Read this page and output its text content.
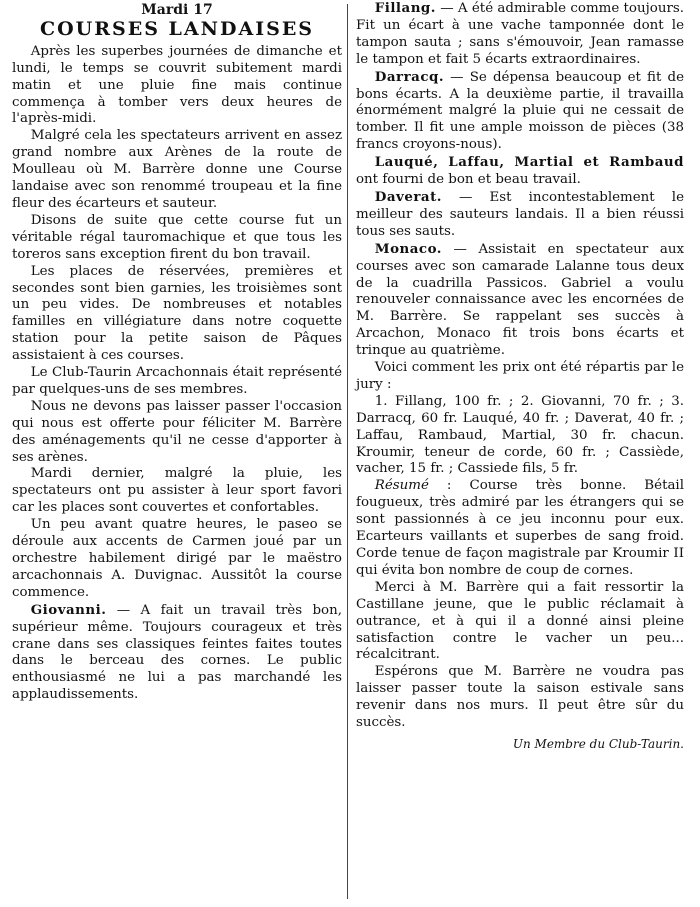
Mardi 17
COURSES LANDAISES

Après les superbes journées de dimanche et lundi, le temps se couvrit subitement mardi matin et une pluie fine mais continue commença à tomber vers deux heures de l'après-midi.

Malgré cela les spectateurs arrivent en assez grand nombre aux Arènes de la route de Moulleau où M. Barrère donne une Course landaise avec son renommé troupeau et la fine fleur des écarteurs et sauteur.

Disons de suite que cette course fut un véritable régal tauromachique et que tous les toreros sans exception firent du bon travail.

Les places de réservées, premières et secondes sont bien garnies, les troisièmes sont un peu vides. De nombreuses et notables familles en villégiature dans notre coquette station pour la petite saison de Pâques assistaient à ces courses.

Le Club-Taurin Arcachonnais était représenté par quelques-uns de ses membres.

Nous ne devons pas laisser passer l'occasion qui nous est offerte pour féliciter M. Barrère des aménagements qu'il ne cesse d'apporter à ses arènes.

Mardi dernier, malgré la pluie, les spectateurs ont pu assister à leur sport favori car les places sont couvertes et confortables.

Un peu avant quatre heures, le paseo se déroule aux accents de Carmen joué par un orchestre habilement dirigé par le maëstro arcachonnais A. Duvignac. Aussitôt la course commence.

Giovanni. — A fait un travail très bon, supérieur même. Toujours courageux et très crane dans ses classiques feintes faites toutes dans le berceau des cornes. Le public enthousiasmé ne lui a pas marchandé les applaudissements.

Fillang. — A été admirable comme toujours. Fit un écart à une vache tamponnée dont le tampon sauta ; sans s'émouvoir, Jean ramasse le tampon et fait 5 écarts extraordinaires.

Darracq. — Se dépensa beaucoup et fit de bons écarts. A la deuxième partie, il travailla énormément malgré la pluie qui ne cessait de tomber. Il fit une ample moisson de pièces (38 francs croyons-nous).

Lauqué, Laffau, Martial et Rambaud ont fourni de bon et beau travail.

Daverat. — Est incontestablement le meilleur des sauteurs landais. Il a bien réussi tous ses sauts.

Monaco. — Assistait en spectateur aux courses avec son camarade Lalanne tous deux de la cuadrilla Passicos. Gabriel a voulu renouveler connaissance avec les encornées de M. Barrère. Se rappelant ses succès à Arcachon, Monaco fit trois bons écarts et trinque au quatrième.

Voici comment les prix ont été répartis par le jury :

1. Fillang, 100 fr. ; 2. Giovanni, 70 fr. ; 3. Darracq, 60 fr. Lauqué, 40 fr. ; Daverat, 40 fr. ; Laffau, Rambaud, Martial, 30 fr. chacun. Kroumir, teneur de corde, 60 fr. ; Cassiède, vacher, 15 fr. ; Cassiede fils, 5 fr.

Résumé : Course très bonne. Bétail fougueux, très admiré par les étrangers qui se sont passionnés à ce jeu inconnu pour eux. Ecarteurs vaillants et superbes de sang froid. Corde tenue de façon magistrale par Kroumir II qui évita bon nombre de coup de cornes.

Merci à M. Barrère qui a fait ressortir la Castillane jeune, que le public réclamait à outrance, et à qui il a donné ainsi pleine satisfaction contre le vacher un peu... récalcitrant.

Espérons que M. Barrère ne voudra pas laisser passer toute la saison estivale sans revenir dans nos murs. Il peut être sûr du succès.

Un Membre du Club-Taurin.
